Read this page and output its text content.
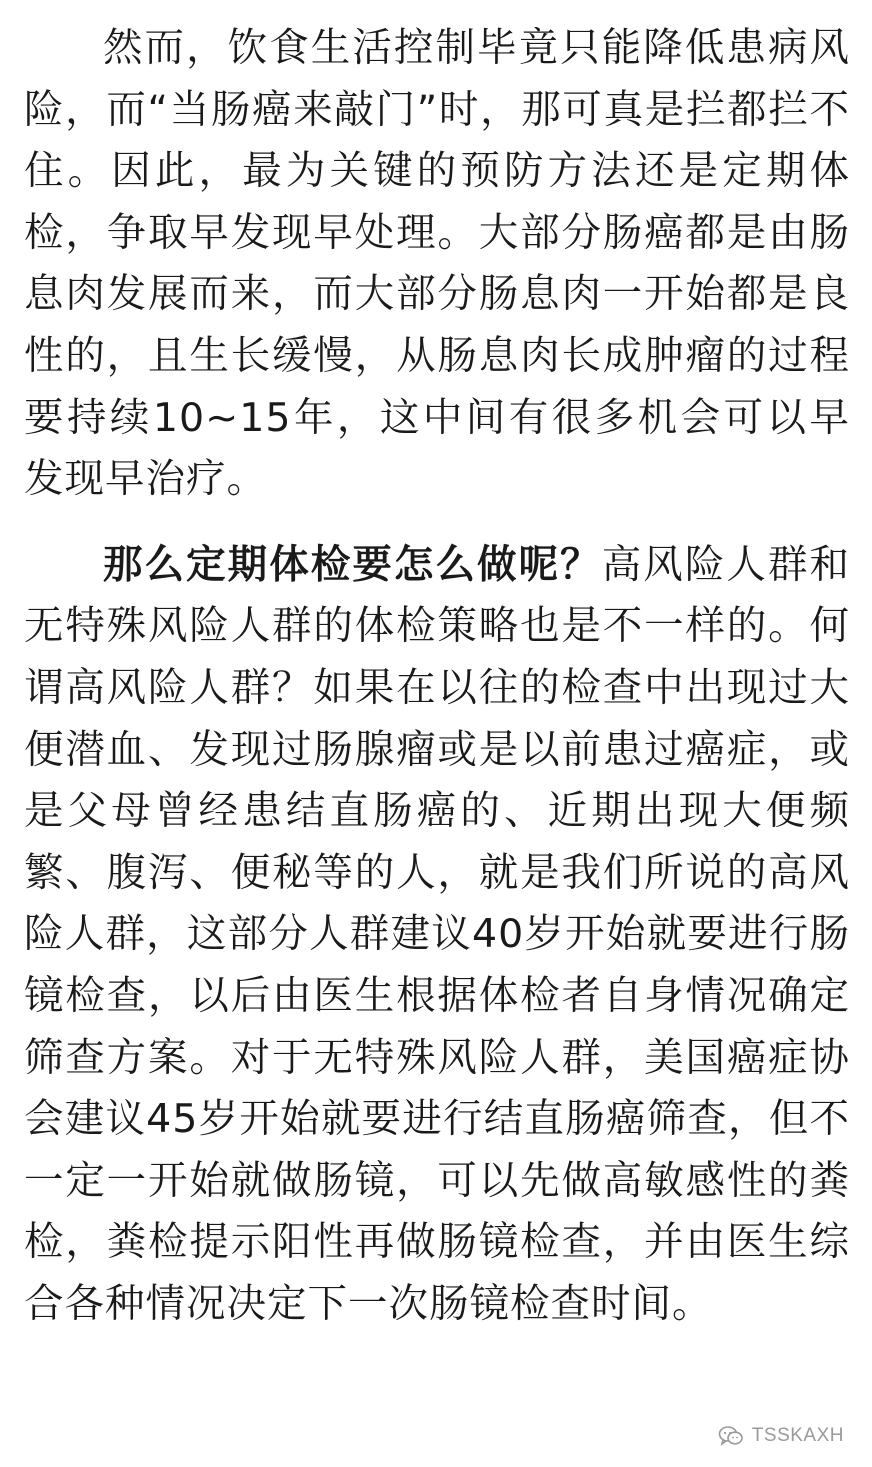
然而，饮食生活控制毕竟只能降低患病风险，而“当肠癌来敲门”时，那可真是拦都拦不住。因此，最为关键的预防方法还是定期体检，争取早发现早处理。大部分肠癌都是由肠息肉发展而来，而大部分肠息肉一开始都是良性的，且生长缓慢，从肠息肉长成肿瘤的过程要持续10~15年，这中间有很多机会可以早发现早治疗。

那么定期体检要怎么做呢？高风险人群和无特殊风险人群的体检策略也是不一样的。何谓高风险人群？如果在以往的检查中出现过大便潜血、发现过肠腺瘤或是以前患过癌症，或是父母曾经患结直肠癌的、近期出现大便频繁、腹泻、便秘等的人，就是我们所说的高风险人群，这部分人群建议40岁开始就要进行肠镜检查，以后由医生根据体检者自身情况确定筛查方案。对于无特殊风险人群，美国癌症协会建议45岁开始就要进行结直肠癌筛查，但不一定一开始就做肠镜，可以先做高敏感性的粪检，粪检提示阳性再做肠镜检查，并由医生综合各种情况决定下一次肠镜检查时间。

TSSKAXH
